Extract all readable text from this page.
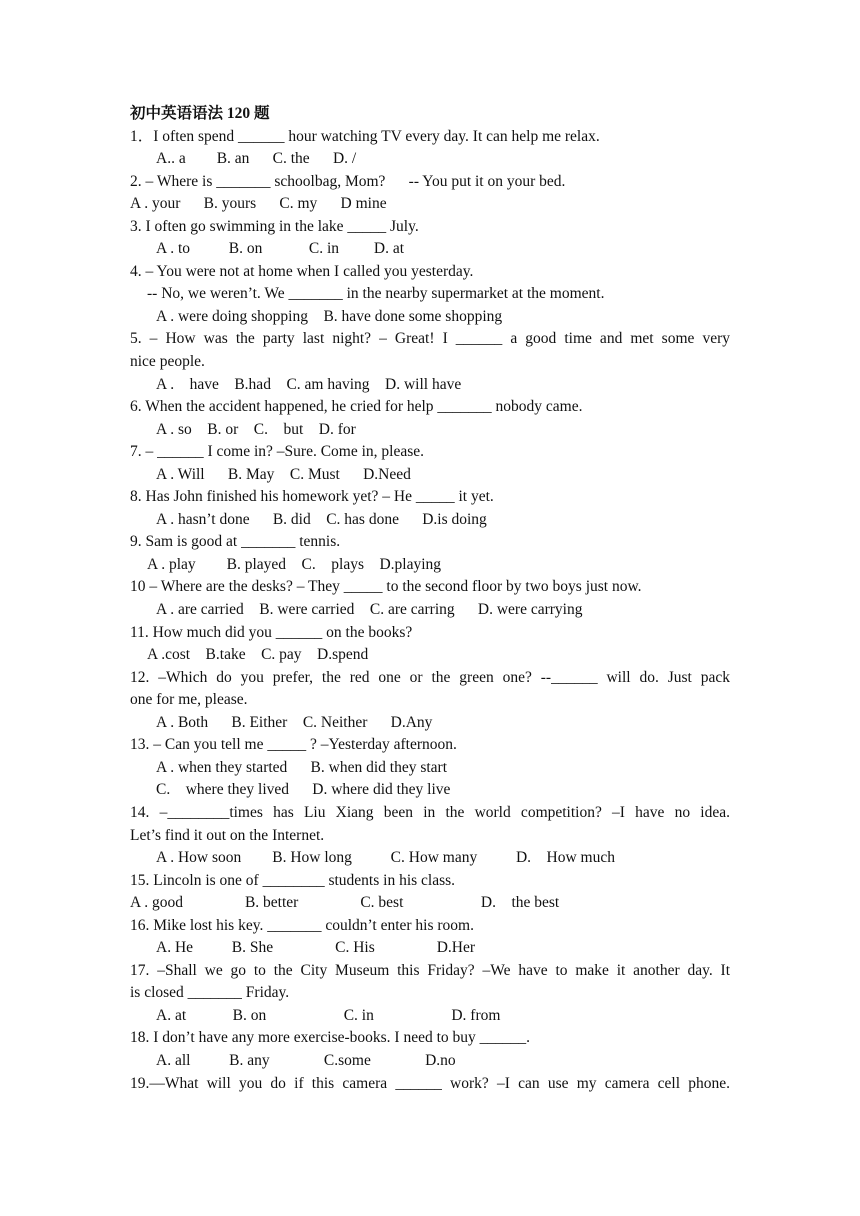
初中英语语法 120 题
1．I often spend ______ hour watching TV every day. It can help me relax.
A.. a        B. an      C. the      D. /
2. – Where is _______ schoolbag, Mom?      -- You put it on your bed.
A . your      B. yours      C. my      D mine
3. I often go swimming in the lake _____ July.
A . to          B. on            C. in         D. at
4. – You were not at home when I called you yesterday.
-- No, we weren’t. We _______ in the nearby supermarket at the moment.
A . were doing shopping    B. have done some shopping
5. – How was the party last night? – Great! I ______ a good time and met some very
nice people.
A .    have    B.had    C. am having    D. will have
6. When the accident happened, he cried for help _______ nobody came.
A . so    B. or    C.    but    D. for
7. – ______ I come in? –Sure. Come in, please.
A . Will      B. May    C. Must      D.Need
8. Has John finished his homework yet? – He _____ it yet.
A . hasn’t done      B. did    C. has done      D.is doing
9. Sam is good at _______ tennis.
A . play        B. played    C.    plays    D.playing
10 – Where are the desks? – They _____ to the second floor by two boys just now.
A . are carried    B. were carried    C. are carring      D. were carrying
11. How much did you ______ on the books?
A .cost    B.take    C. pay    D.spend
12. –Which do you prefer, the red one or the green one? --______ will do. Just pack
one for me, please.
A . Both      B. Either    C. Neither      D.Any
13. – Can you tell me _____ ? –Yesterday afternoon.
A . when they started      B. when did they start
C.    where they lived      D. where did they live
14. –________times has Liu Xiang been in the world competition? –I have no idea.
Let’s find it out on the Internet.
A . How soon        B. How long          C. How many          D.    How much
15. Lincoln is one of ________ students in his class.
A . good                B. better                C. best                    D.    the best
16. Mike lost his key. _______ couldn’t enter his room.
A. He          B. She                C. His                D.Her
17. –Shall we go to the City Museum this Friday? –We have to make it another day. It
is closed _______ Friday.
A. at            B. on                    C. in                    D. from
18. I don’t have any more exercise-books. I need to buy ______.
A. all          B. any              C.some              D.no
19.—What will you do if this camera ______ work? –I can use my camera cell phone.
